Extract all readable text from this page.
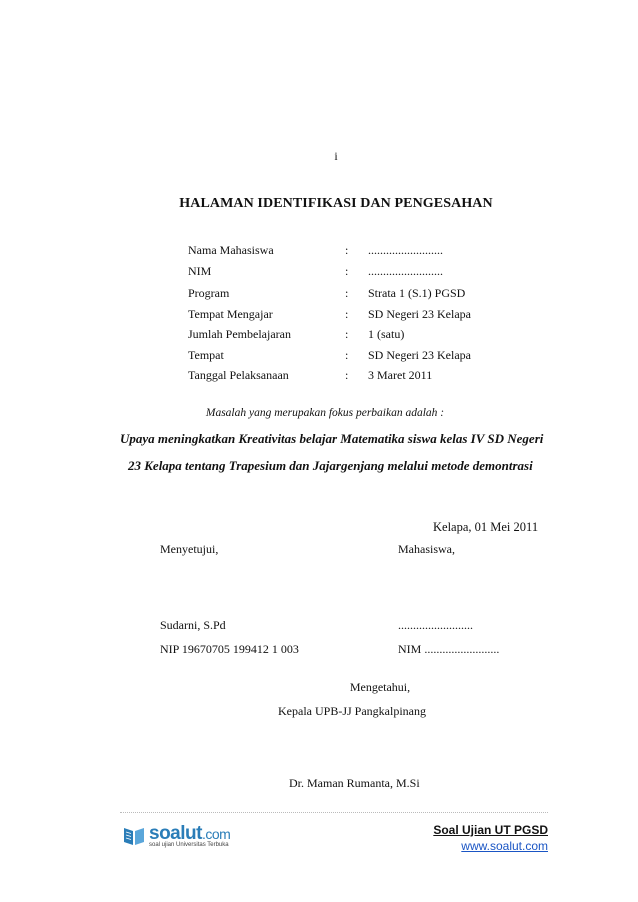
i
HALAMAN IDENTIFIKASI DAN PENGESAHAN
Nama Mahasiswa	: .........................
NIM	: .........................
Program	: Strata 1 (S.1) PGSD
Tempat Mengajar	: SD Negeri 23 Kelapa
Jumlah Pembelajaran	: 1 (satu)
Tempat	: SD Negeri 23 Kelapa
Tanggal Pelaksanaan	: 3 Maret 2011
Masalah yang merupakan fokus perbaikan adalah :
Upaya meningkatkan Kreativitas belajar Matematika siswa kelas IV SD Negeri
23 Kelapa tentang Trapesium dan Jajargenjang melalui metode demontrasi
Kelapa, 01 Mei 2011
Menyetujui,	Mahasiswa,
Sudarni, S.Pd	.........................
NIP 19670705 199412 1 003	NIM .........................
Mengetahui,
Kepala UPB-JJ Pangkalpinang
Dr. Maman Rumanta, M.Si
soalut.com
soal ujian Universitas Terbuka
Soal Ujian UT PGSD
www.soalut.com
